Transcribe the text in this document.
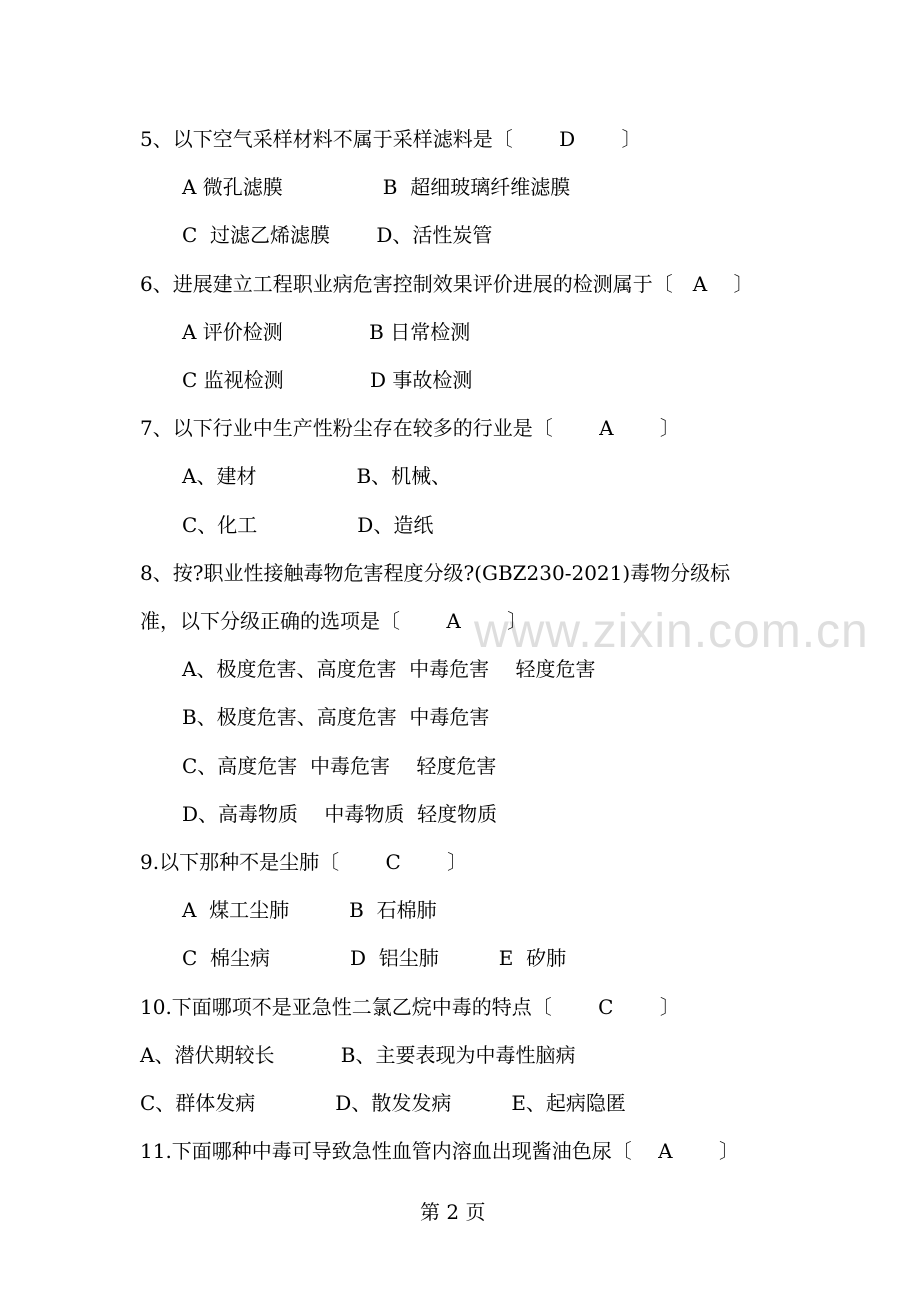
www.zixin.com.cn
5、以下空气采样材料不属于采样滤料是〔　　 D　　 〕
A 微孔滤膜　　　　　B  超细玻璃纤维滤膜
C  过滤乙烯滤膜　　 D、活性炭管
6、进展建立工程职业病危害控制效果评价进展的检测属于〔　A　 〕
A 评价检测　　　　 B 日常检测
C 监视检测　　　　 D 事故检测
7、以下行业中生产性粉尘存在较多的行业是〔　　 A　　 〕
A、建材　　　　　B、机械、
C、化工　　　　　D、造纸
8、按?职业性接触毒物危害程度分级?(GBZ230-2021)毒物分级标
准，以下分级正确的选项是〔　　 A　　 〕
A、极度危害、高度危害  中毒危害　 轻度危害
B、极度危害、高度危害  中毒危害
C、高度危害  中毒危害　 轻度危害
D、高毒物质　 中毒物质  轻度物质
9.以下那种不是尘肺〔　　 C　　 〕
A  煤工尘肺　　　B  石棉肺
C  棉尘病　　　　D  铝尘肺　　　E  矽肺
10.下面哪项不是亚急性二氯乙烷中毒的特点〔　　 C　　 〕
A、潜伏期较长　　　 B、主要表现为中毒性脑病
C、群体发病　　　　D、散发发病　　　E、起病隐匿
11.下面哪种中毒可导致急性血管内溶血出现酱油色尿〔　 A　　 〕
第 2 页
